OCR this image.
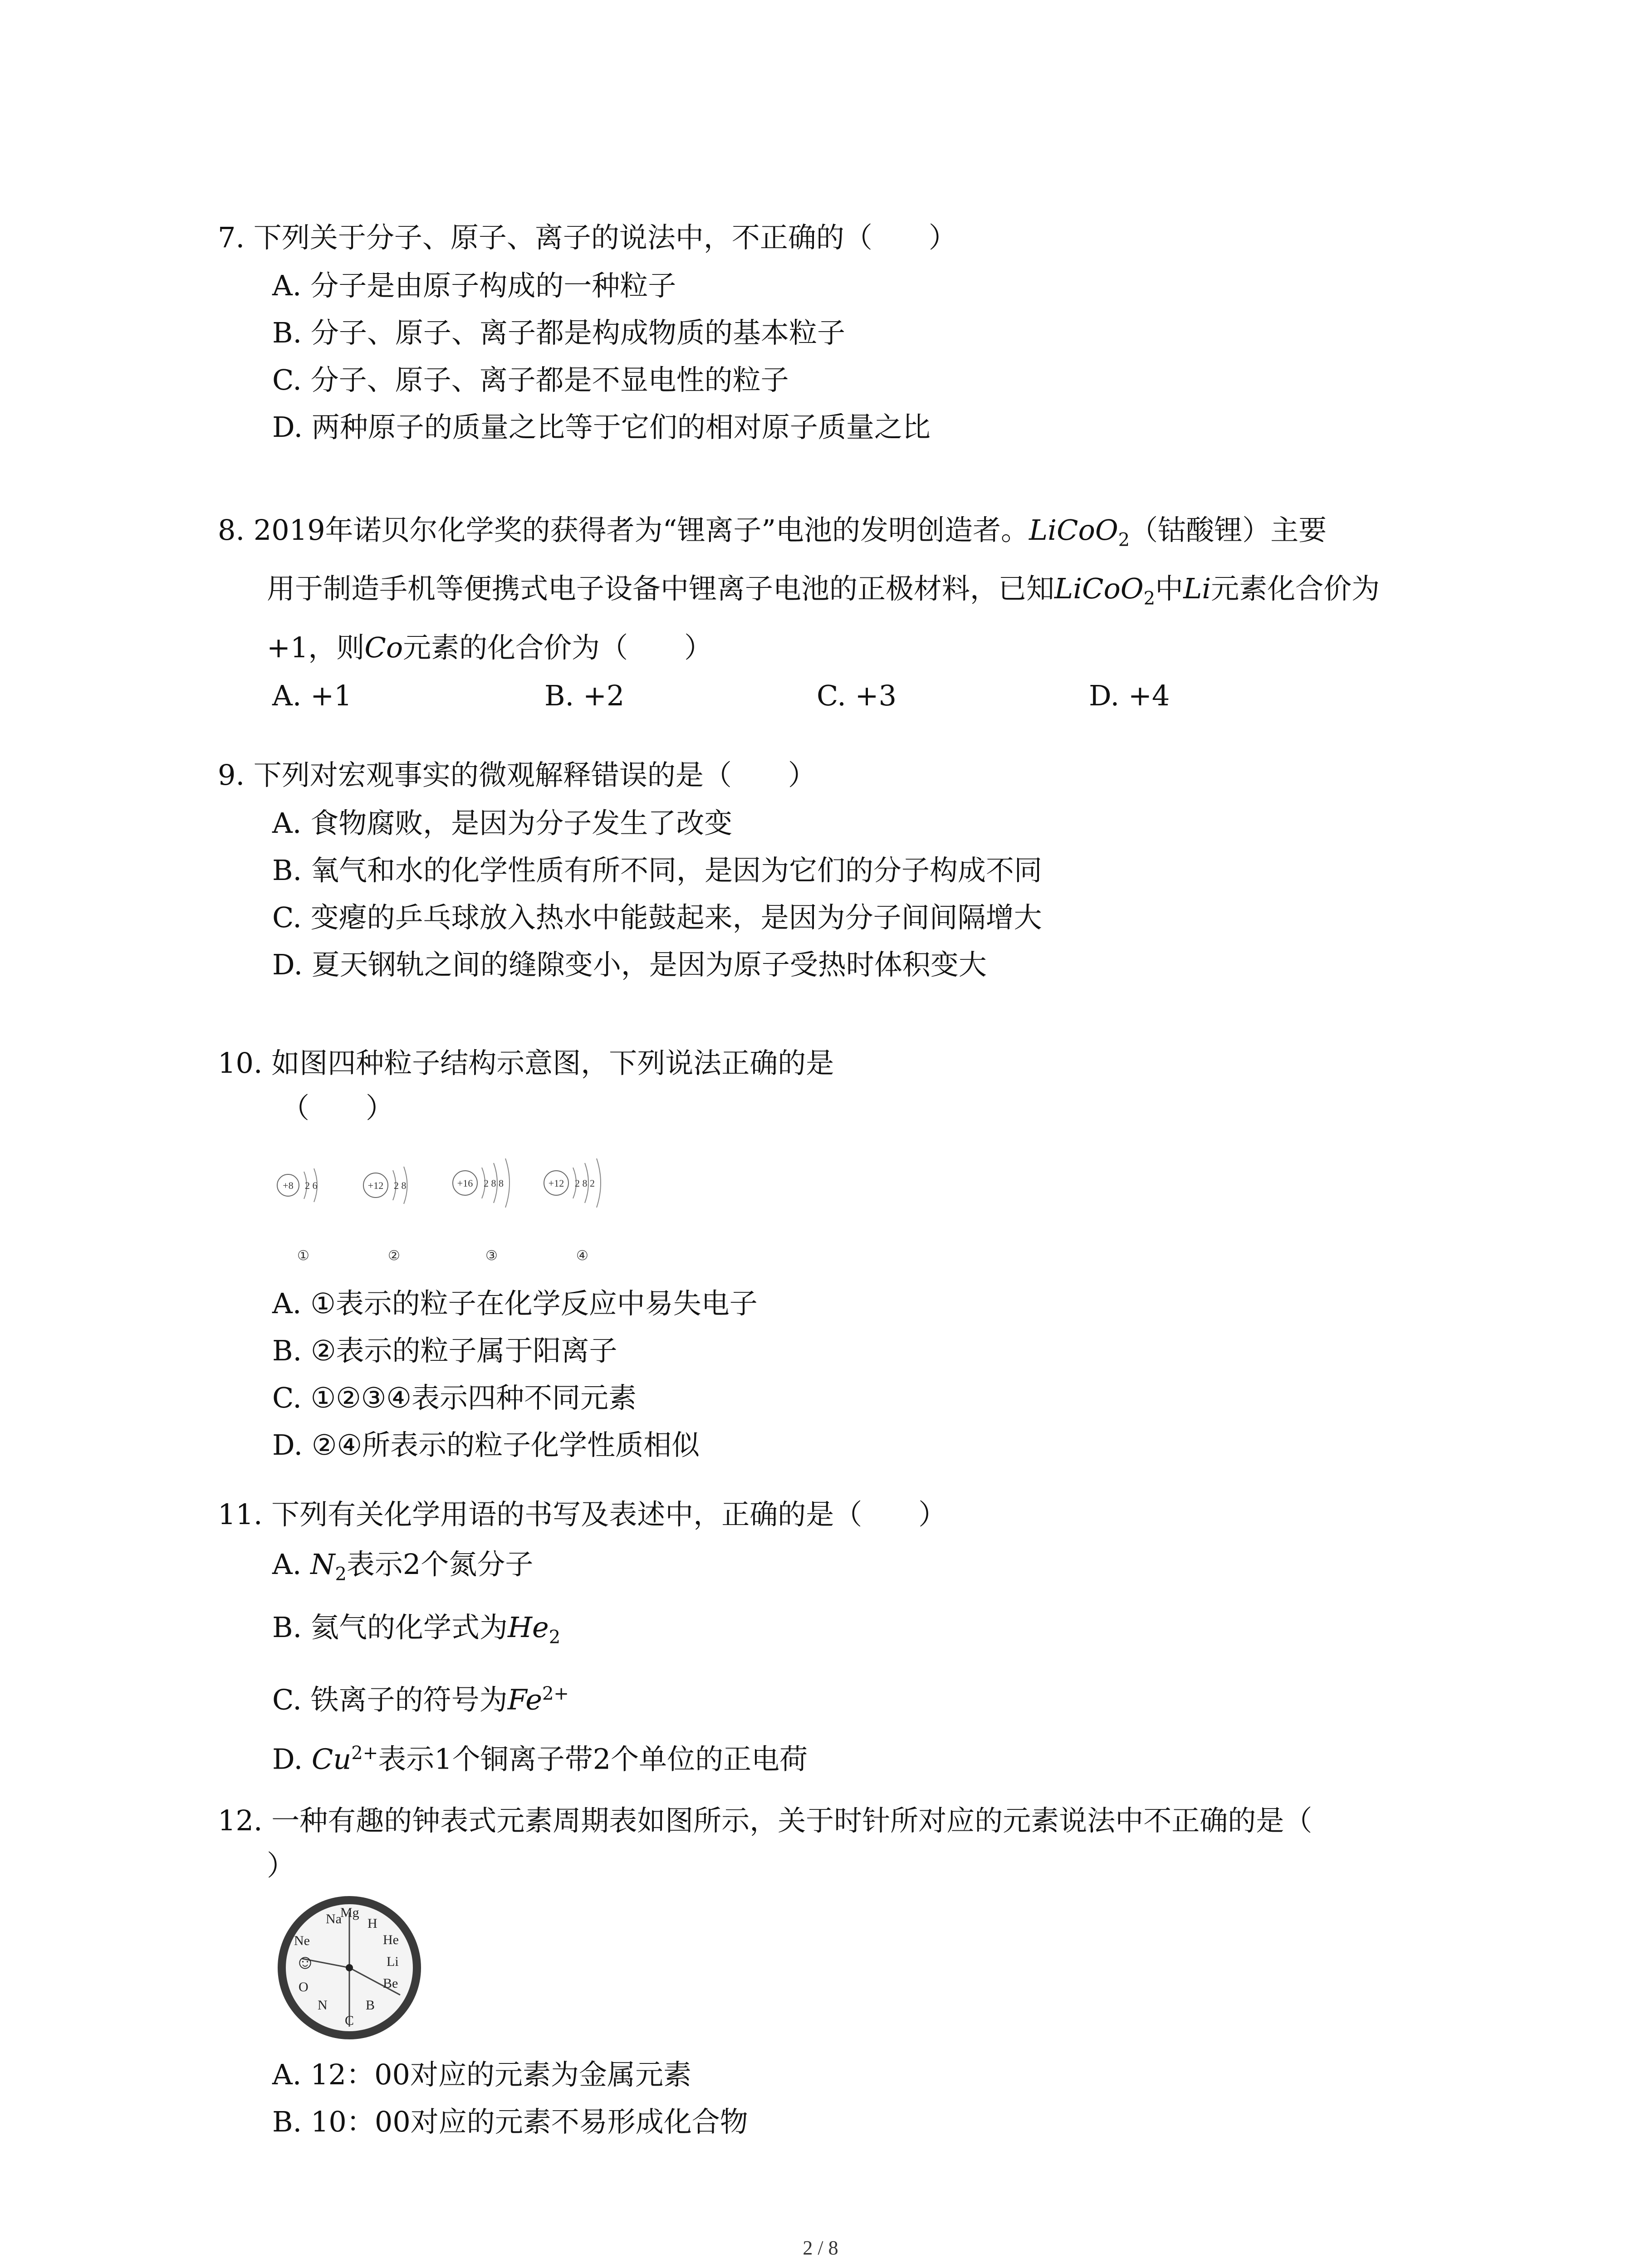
7. 下列关于分子、原子、离子的说法中，不正确的（　　）
A. 分子是由原子构成的一种粒子
B. 分子、原子、离子都是构成物质的基本粒子
C. 分子、原子、离子都是不显电性的粒子
D. 两种原子的质量之比等于它们的相对原子质量之比
8. 2019年诺贝尔化学奖的获得者为“锂离子”电池的发明创造者。LiCoO$_2$（钴酸锂）主要
用于制造手机等便携式电子设备中锂离子电池的正极材料，已知LiCoO$_2$中Li元素化合价为
+1，则Co元素的化合价为（　　）
A. +1	B. +2	C. +3	D. +4
9. 下列对宏观事实的微观解释错误的是（　　）
A. 食物腐败，是因为分子发生了改变
B. 氧气和水的化学性质有所不同，是因为它们的分子构成不同
C. 变瘪的乒乓球放入热水中能鼓起来，是因为分子间间隔增大
D. 夏天钢轨之间的缝隙变小，是因为原子受热时体积变大
10. 如图四种粒子结构示意图，下列说法正确的是
（　　）
+8 2 6
①
+12 2 8
②
+16 2 8 8
③
+12 2 8 2
④
A. ①表示的粒子在化学反应中易失电子
B. ②表示的粒子属于阳离子
C. ①②③④表示四种不同元素
D. ②④所表示的粒子化学性质相似
11. 下列有关化学用语的书写及表述中，正确的是（　　）
A. $N_2$表示2个氮分子
B. 氦气的化学式为$He_2$
C. 铁离子的符号为$Fe^{2+}$
D. $Cu^{2+}$表示1个铜离子带2个单位的正电荷
12. 一种有趣的钟表式元素周期表如图所示，关于时针所对应的元素说法中不正确的是（
）
Na
Mg
H
He
Li
Be
B
C
N
O
Ne
☺
A. 12：00对应的元素为金属元素
B. 10：00对应的元素不易形成化合物
2 / 8
